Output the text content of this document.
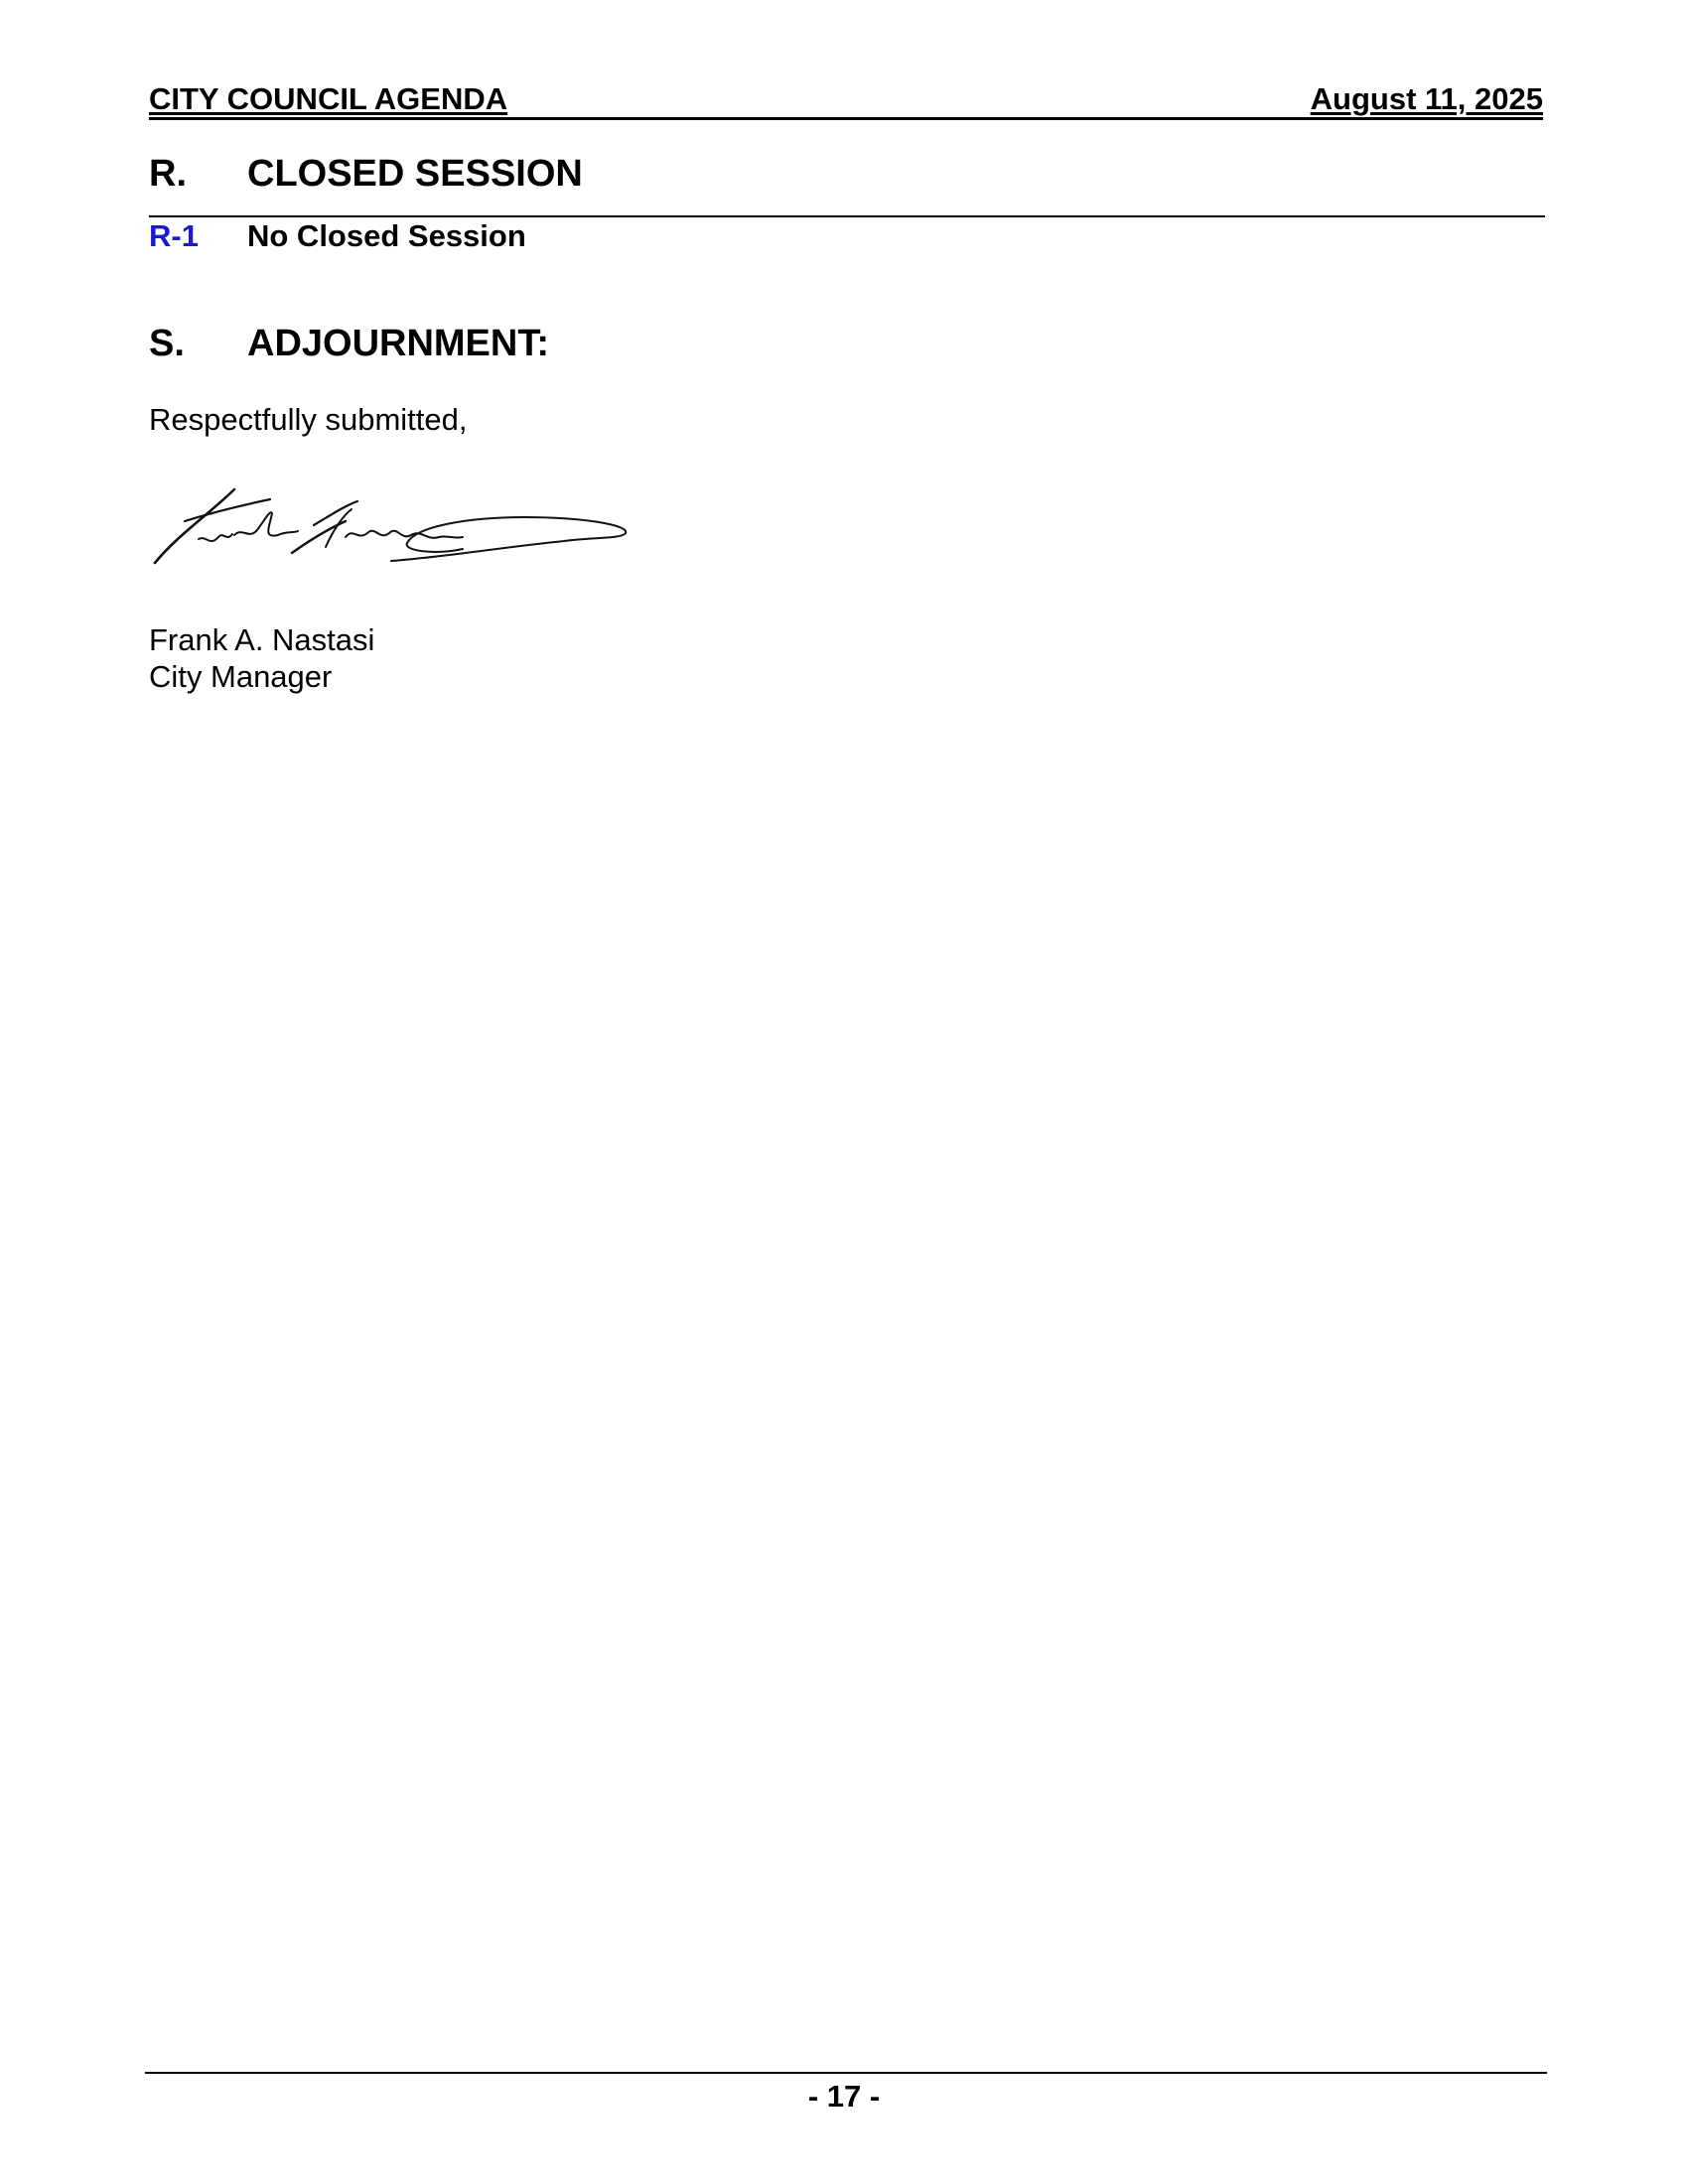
CITY COUNCIL AGENDA	August 11, 2025
R. CLOSED SESSION
R-1 No Closed Session
S. ADJOURNMENT:
Respectfully submitted,
Frank A. Nastasi
City Manager
- 17 -
